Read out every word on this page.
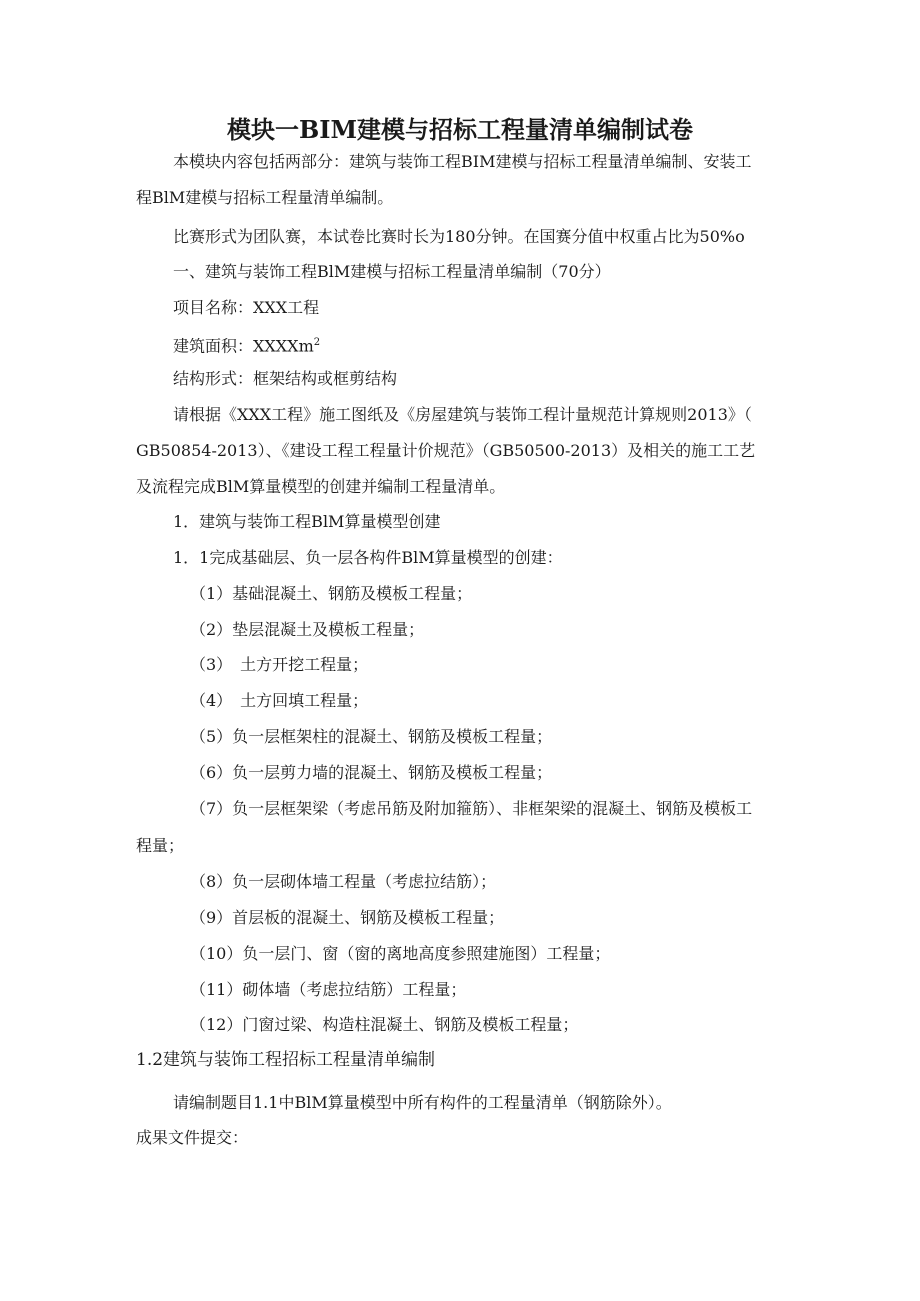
模块一BIM建模与招标工程量清单编制试卷
本模块内容包括两部分：建筑与装饰工程BIM建模与招标工程量清单编制、安装工
程BlM建模与招标工程量清单编制。
比赛形式为团队赛，本试卷比赛时长为180分钟。在国赛分值中权重占比为50%o
一、建筑与装饰工程BlM建模与招标工程量清单编制（70分）
项目名称：XXX工程
建筑面积：XXXXm$^2$
结构形式：框架结构或框剪结构
请根据《XXX工程》施工图纸及《房屋建筑与装饰工程计量规范计算规则2013》（
GB50854-2013）、《建设工程工程量计价规范》（GB50500-2013）及相关的施工工艺
及流程完成BlM算量模型的创建并编制工程量清单。
1．建筑与装饰工程BlM算量模型创建
1．1完成基础层、负一层各构件BlM算量模型的创建：
（1）基础混凝土、钢筋及模板工程量；
（2）垫层混凝土及模板工程量；
（3）　土方开挖工程量；
（4）　土方回填工程量；
（5）负一层框架柱的混凝土、钢筋及模板工程量；
（6）负一层剪力墙的混凝土、钢筋及模板工程量；
（7）负一层框架梁（考虑吊筋及附加箍筋）、非框架梁的混凝土、钢筋及模板工
程量；
（8）负一层砌体墙工程量（考虑拉结筋）；
（9）首层板的混凝土、钢筋及模板工程量；
（10）负一层门、窗（窗的离地高度参照建施图）工程量；
（11）砌体墙（考虑拉结筋）工程量；
（12）门窗过梁、构造柱混凝土、钢筋及模板工程量；
1.2建筑与装饰工程招标工程量清单编制
请编制题目1.1中BlM算量模型中所有构件的工程量清单（钢筋除外）。
成果文件提交：
